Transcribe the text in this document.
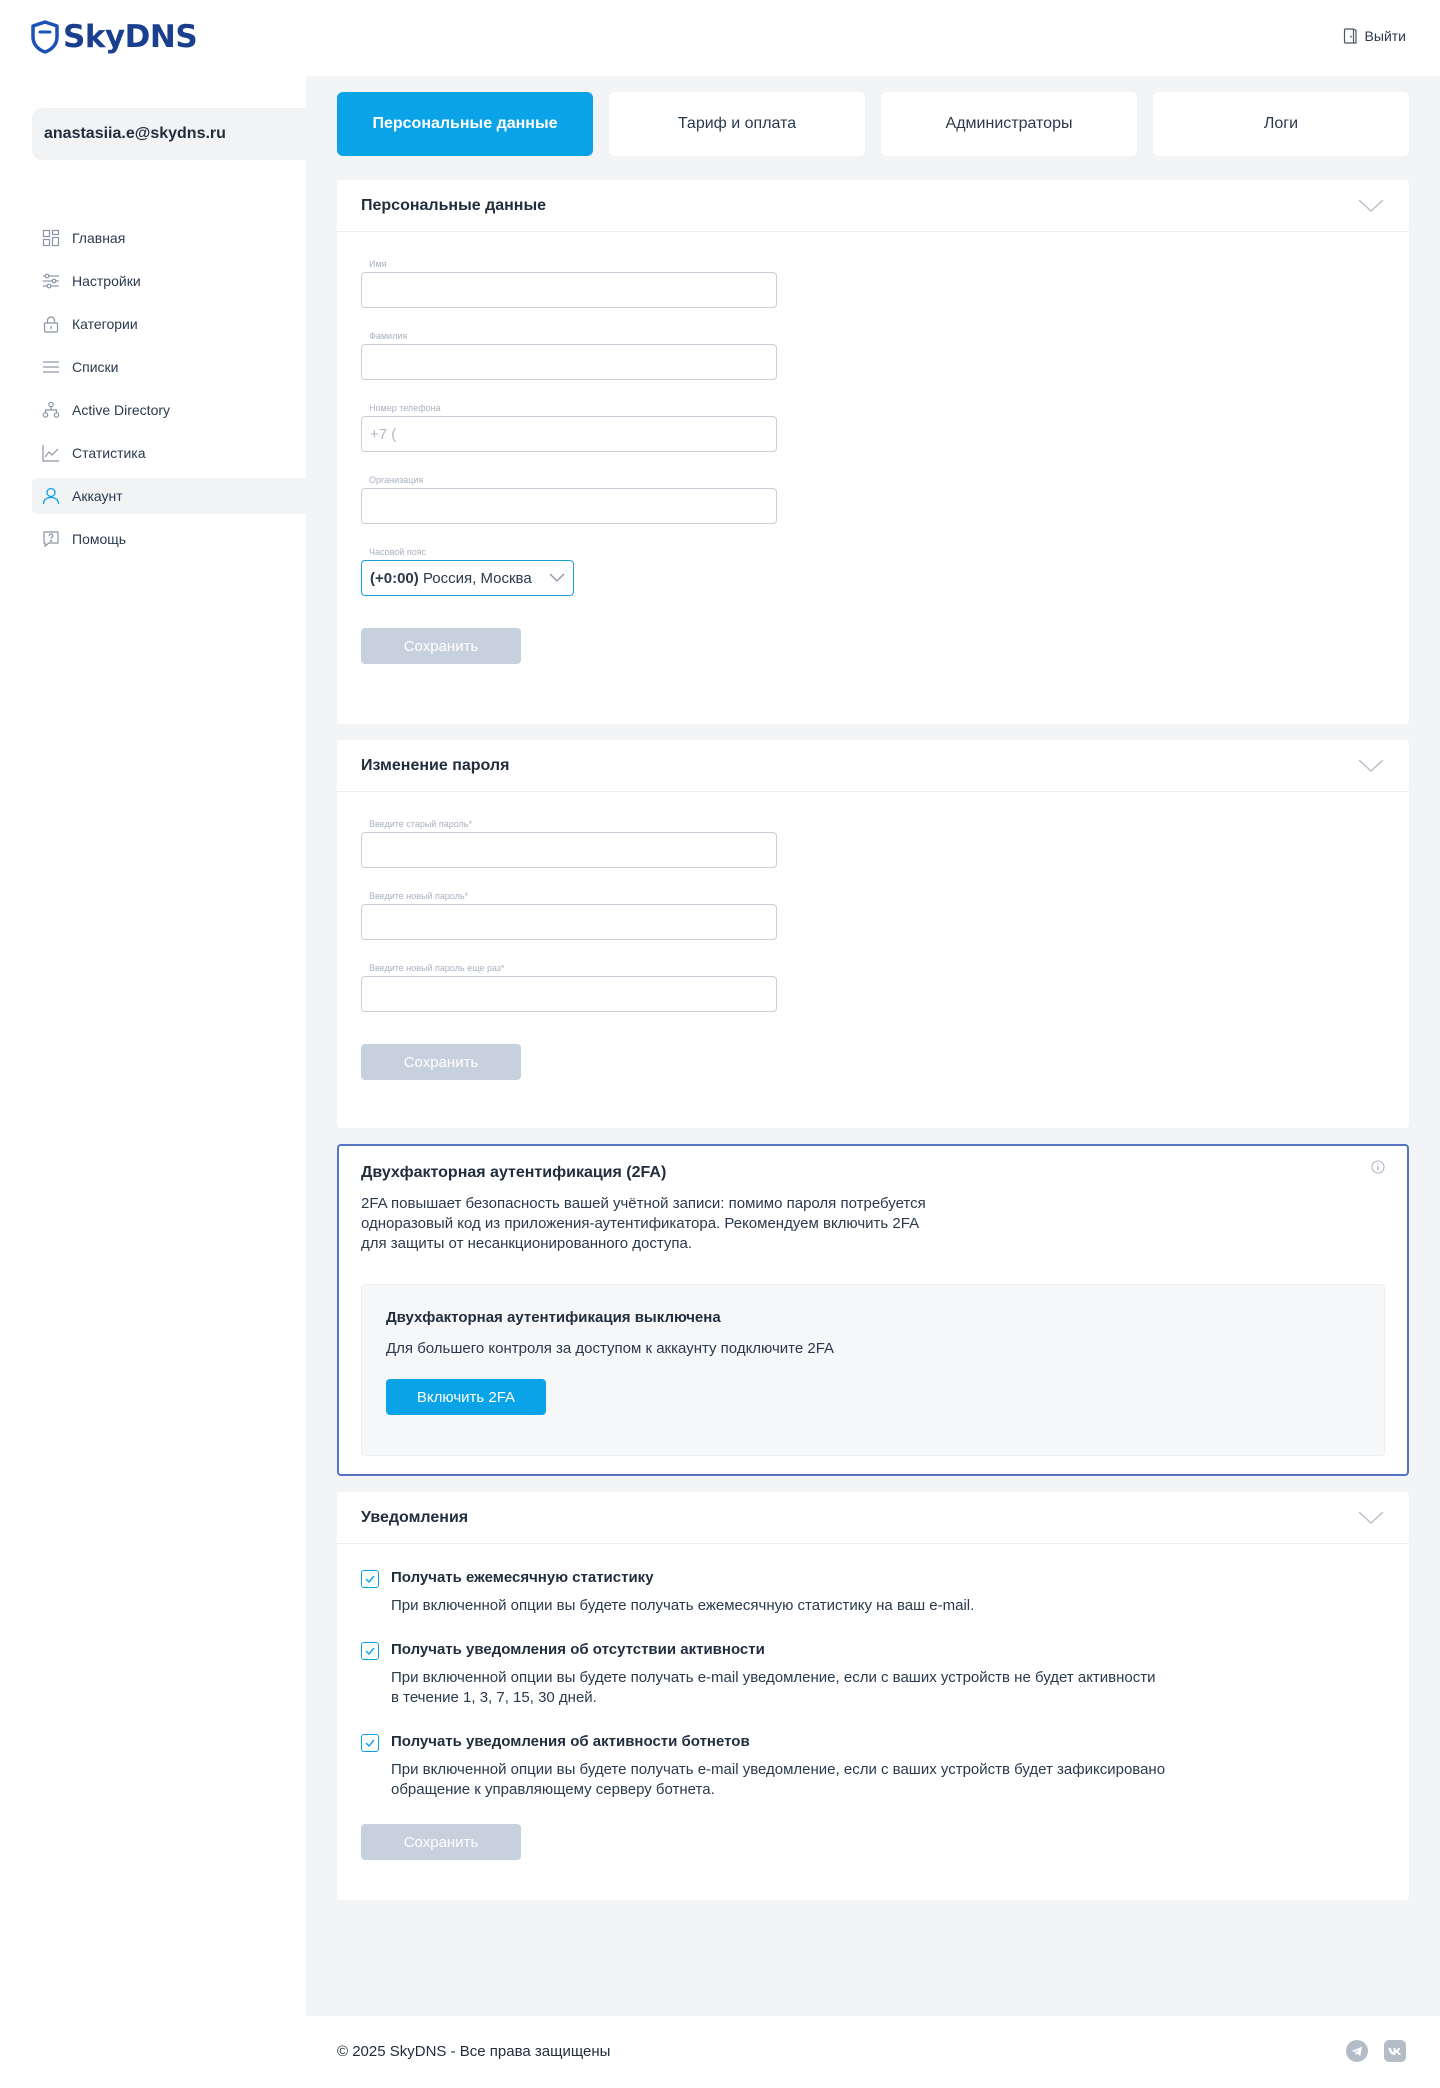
SkyDNS	Выйти
anastasiia.e@skydns.ru
Главная
Настройки
Категории
Списки
Active Directory
Статистика
Аккаунт
Помощь
Персональные данные	Тариф и оплата	Администраторы	Логи
Персональные данные
Имя
Фамилия
Номер телефона
+7 (
Организация
Часовой пояс
(+0:00) Россия, Москва
Сохранить
Изменение пароля
Введите старый пароль*
Введите новый пароль*
Введите новый пароль еще раз*
Сохранить
Двухфакторная аутентификация (2FA)
2FA повышает безопасность вашей учётной записи: помимо пароля потребуется
одноразовый код из приложения-аутентификатора. Рекомендуем включить 2FA
для защиты от несанкционированного доступа.
Двухфакторная аутентификация выключена
Для большего контроля за доступом к аккаунту подключите 2FA
Включить 2FA
Уведомления
Получать ежемесячную статистику
При включенной опции вы будете получать ежемесячную статистику на ваш e-mail.
Получать уведомления об отсутствии активности
При включенной опции вы будете получать e-mail уведомление, если с ваших устройств не будет активности
в течение 1, 3, 7, 15, 30 дней.
Получать уведомления об активности ботнетов
При включенной опции вы будете получать e-mail уведомление, если с ваших устройств будет зафиксировано обращение к управляющему серверу ботнета.
Сохранить
© 2025 SkyDNS - Все права защищены
